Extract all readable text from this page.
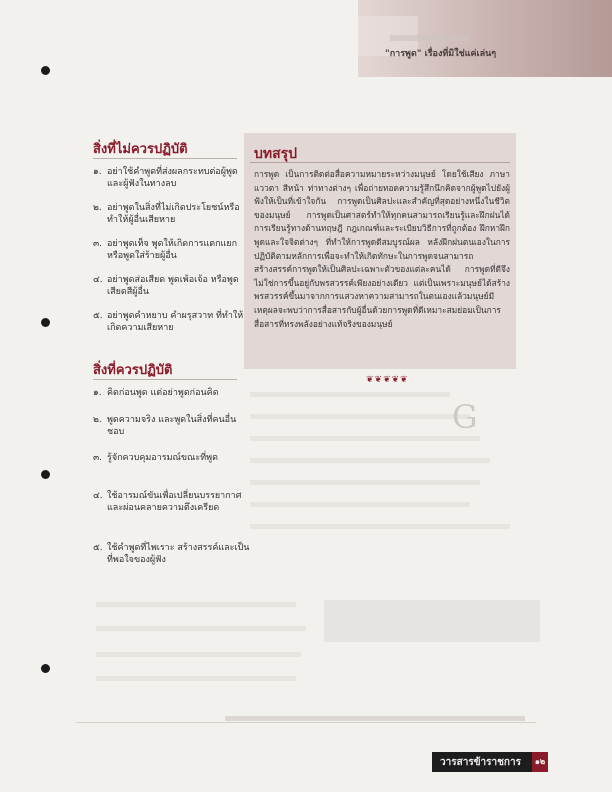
"การพูด" เรื่องที่มิใช่แค่เล่นๆ
G
สิ่งที่ไม่ควรปฏิบัติ
๑. อย่าใช้คำพูดที่ส่งผลกระทบต่อผู้พูดและผู้ฟังในทางลบ
๒. อย่าพูดในสิ่งที่ไม่เกิดประโยชน์หรือทำให้ผู้อื่นเสียหาย
๓. อย่าพูดเท็จ พูดให้เกิดการแตกแยกหรือพูดใส่ร้ายผู้อื่น
๔. อย่าพูดส่อเสียด พูดเพ้อเจ้อ หรือพูดเสียดสีผู้อื่น
๕. อย่าพูดคำหยาบ คำผรุสวาท ที่ทำให้เกิดความเสียหาย
สิ่งที่ควรปฏิบัติ
๑. คิดก่อนพูด แต่อย่าพูดก่อนคิด
๒. พูดความจริง และพูดในสิ่งที่คนอื่นชอบ
๓. รู้จักควบคุมอารมณ์ขณะที่พูด
๔. ใช้อารมณ์ขันเพื่อเปลี่ยนบรรยากาศและผ่อนคลายความตึงเครียด
๕. ใช้คำพูดที่ไพเราะ สร้างสรรค์และเป็นที่พอใจของผู้ฟัง
บทสรุป
การพูด เป็นการติดต่อสื่อความหมายระหว่างมนุษย์ โดยใช้เสียง ภาษา แววตา สีหน้า ท่าทางต่างๆ เพื่อถ่ายทอดความรู้สึกนึกคิดจากผู้พูดไปยังผู้ฟังให้เป็นที่เข้าใจกัน การพูดเป็นศิลปะและสำคัญที่สุดอย่างหนึ่งในชีวิตของมนุษย์ การพูดเป็นศาสตร์ทำให้ทุกคนสามารถเรียนรู้และฝึกฝนได้ การเรียนรู้ทางด้านทฤษฎี กฎเกณฑ์และระเบียบวิธีการที่ถูกต้อง ฝึกหาฝึกพูดและใจจิตต่างๆ ที่ทำให้การพูดดีสมบูรณ์ผล หลังฝึกฝนตนเองในการปฏิบัติตามหลักการเพื่อจะทำให้เกิดทักษะในการพูดจนสามารถสร้างสรรค์การพูดให้เป็นศิลปะเฉพาะตัวของแต่ละคนได้ การพูดที่ดีจึงไม่ใช่การขึ้นอยู่กับพรสวรรค์เพียงอย่างเดียว แต่เป็นเพราะมนุษย์ได้สร้างพรสวรรค์ขึ้นมาจากการแสวงหาความสามารถในตนเองแล้วมนุษย์มีเหตุผลจะพบว่าการสื่อสารกับผู้อื่นด้วยการพูดที่ดีเหมาะสมย่อมเป็นการสื่อสารที่ทรงพลังอย่างแท้จริงของมนุษย์
❦❦❦❦❦
วารสารข้าราชการ	๑๒
